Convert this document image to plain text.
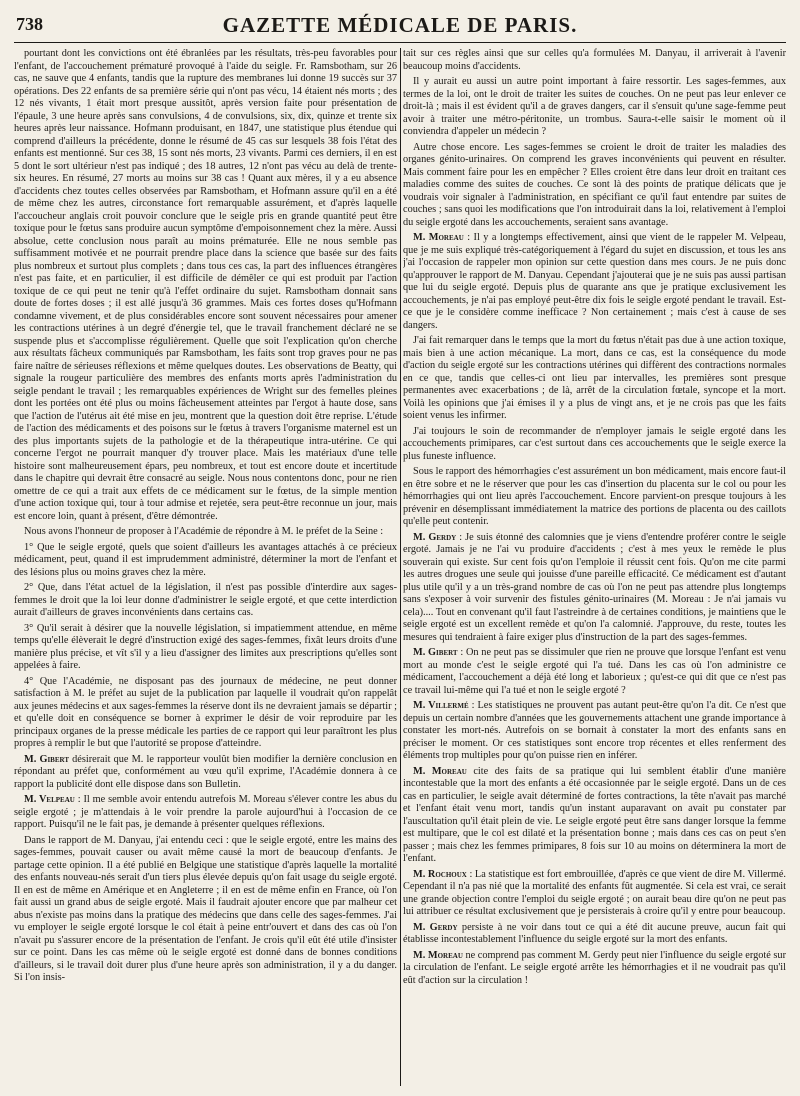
738	GAZETTE MÉDICALE DE PARIS.

pourtant dont les convictions ont été ébranlées par les résultats, très-peu favorables pour l'enfant, de l'accouchement prématuré provoqué à l'aide du seigle. Fr. Ramsbotham, sur 26 cas, ne sauve que 4 enfants, tandis que la rupture des membranes lui donne 19 succès sur 37 opérations. Des 22 enfants de sa première série qui n'ont pas vécu, 14 étaient nés morts ; des 12 nés vivants, 1 était mort presque aussitôt, après version faite pour présentation de l'épaule, 3 une heure après sans convulsions, 4 de convulsions, six, dix, quinze et trente six heures après leur naissance. Hofmann produisant, en 1847, une statistique plus étendue qui comprend d'ailleurs la précédente, donne le résumé de 45 cas sur lesquels 38 fois l'état des enfants est mentionné. Sur ces 38, 15 sont nés morts, 23 vivants. Parmi ces derniers, il en est 5 dont le sort ultérieur n'est pas indiqué ; des 18 autres, 12 n'ont pas vécu au delà de trente-six heures. En résumé, 27 morts au moins sur 38 cas ! Quant aux mères, il y a eu absence d'accidents chez toutes celles observées par Ramsbotham, et Hofmann assure qu'il en a été de même chez les autres, circonstance fort remarquable assurément, et d'après laquelle l'accoucheur anglais croit pouvoir conclure que le seigle pris en grande quantité peut être toxique pour le fœtus sans produire aucun symptôme d'empoisonnement chez la mère. Aussi absolue, cette conclusion nous paraît au moins prématurée. Elle ne nous semble pas suffisamment motivée et ne pourrait prendre place dans la science que basée sur des faits plus nombreux et surtout plus complets ; dans tous ces cas, la part des influences étrangères n'est pas faite, et en particulier, il est difficile de démêler ce qui est produit par l'action toxique de ce qui peut ne tenir qu'à l'effet ordinaire du sujet. Ramsbotham donnait sans doute de fortes doses ; il est allé jusqu'à 36 grammes. Mais ces fortes doses qu'Hofmann condamne vivement, et de plus considérables encore sont souvent nécessaires pour amener les contractions utérines à un degré d'énergie tel, que le travail franchement déclaré ne se suspende plus et s'accomplisse régulièrement. Quelle que soit l'explication qu'on cherche aux résultats fâcheux communiqués par Ramsbotham, les faits sont trop graves pour ne pas faire naître de sérieuses réflexions et même quelques doutes. Les observations de Beatty, qui signale la rougeur particulière des membres des enfants morts après l'administration du seigle pendant le travail ; les remarquables expériences de Wright sur des femelles pleines dont les portées ont été plus ou moins fâcheusement atteintes par l'ergot à haute dose, sans que l'action de l'utérus ait été mise en jeu, montrent que la question doit être reprise. L'étude de l'action des médicaments et des poisons sur le fœtus à travers l'organisme maternel est un des plus importants sujets de la pathologie et de la thérapeutique intra-utérine. Ce qui concerne l'ergot ne pourrait manquer d'y trouver place. Mais les matériaux d'une telle histoire sont malheureusement épars, peu nombreux, et tout est encore doute et incertitude dans le chapitre qui devrait être consacré au seigle. Nous nous contentons donc, pour ne rien omettre de ce qui a trait aux effets de ce médicament sur le fœtus, de la simple mention d'une action toxique qui, tour à tour admise et rejetée, sera peut-être reconnue un jour, mais est encore loin, quant à présent, d'être démontrée.

Nous avons l'honneur de proposer à l'Académie de répondre à M. le préfet de la Seine :

1° Que le seigle ergoté, quels que soient d'ailleurs les avantages attachés à ce précieux médicament, peut, quand il est imprudemment administré, déterminer la mort de l'enfant et des lésions plus ou moins graves chez la mère.

2° Que, dans l'état actuel de la législation, il n'est pas possible d'interdire aux sages-femmes le droit que la loi leur donne d'administrer le seigle ergoté, et que cette interdiction aurait d'ailleurs de graves inconvénients dans certains cas.

3° Qu'il serait à désirer que la nouvelle législation, si impatiemment attendue, en même temps qu'elle élèverait le degré d'instruction exigé des sages-femmes, fixât leurs droits d'une manière plus précise, et vît s'il y a lieu d'assigner des limites aux prescriptions qu'elles sont appelées à faire.

4° Que l'Académie, ne disposant pas des journaux de médecine, ne peut donner satisfaction à M. le préfet au sujet de la publication par laquelle il voudrait qu'on rappelât aux jeunes médecins et aux sages-femmes la réserve dont ils ne devraient jamais se départir ; et qu'elle doit en conséquence se borner à exprimer le désir de voir reproduire par les principaux organes de la presse médicale les parties de ce rapport qui leur paraîtront les plus propres à remplir le but que l'autorité se propose d'atteindre.

M. Gibert désirerait que M. le rapporteur voulût bien modifier la dernière conclusion en répondant au préfet que, conformément au vœu qu'il exprime, l'Académie donnera à ce rapport la publicité dont elle dispose dans son Bulletin.

M. Velpeau : Il me semble avoir entendu autrefois M. Moreau s'élever contre les abus du seigle ergoté ; je m'attendais à le voir prendre la parole aujourd'hui à l'occasion de ce rapport. Puisqu'il ne le fait pas, je demande à présenter quelques réflexions.

Dans le rapport de M. Danyau, j'ai entendu ceci : que le seigle ergoté, entre les mains des sages-femmes, pouvait causer ou avait même causé la mort de beaucoup d'enfants. Je partage cette opinion. Il a été publié en Belgique une statistique d'après laquelle la mortalité des enfants nouveau-nés serait d'un tiers plus élevée depuis qu'on fait usage du seigle ergoté. Il en est de même en Amérique et en Angleterre ; il en est de même enfin en France, où l'on fait aussi un grand abus de seigle ergoté. Mais il faudrait ajouter encore que par malheur cet abus n'existe pas moins dans la pratique des médecins que dans celle des sages-femmes. J'ai vu employer le seigle ergoté lorsque le col était à peine entr'ouvert et dans des cas où l'on n'avait pu s'assurer encore de la présentation de l'enfant. Je crois qu'il eût été utile d'insister sur ce point. Dans les cas même où le seigle ergoté est donné dans de bonnes conditions d'ailleurs, si le travail doit durer plus d'une heure après son administration, il y a du danger. Si l'on insis-

tait sur ces règles ainsi que sur celles qu'a formulées M. Danyau, il arriverait à l'avenir beaucoup moins d'accidents.

Il y aurait eu aussi un autre point important à faire ressortir. Les sages-femmes, aux termes de la loi, ont le droit de traiter les suites de couches. On ne peut pas leur enlever ce droit-là ; mais il est évident qu'il a de graves dangers, car il s'ensuit qu'une sage-femme peut avoir à traiter une métro-péritonite, un trombus. Saura-t-elle saisir le moment où il conviendra d'appeler un médecin ?

Autre chose encore. Les sages-femmes se croient le droit de traiter les maladies des organes génito-urinaires. On comprend les graves inconvénients qui peuvent en résulter. Mais comment faire pour les en empêcher ? Elles croient être dans leur droit en traitant ces maladies comme des suites de couches. Ce sont là des points de pratique délicats que je voudrais voir signaler à l'administration, en spécifiant ce qu'il faut entendre par suites de couches ; sans quoi les modifications que l'on introduirait dans la loi, relativement à l'emploi du seigle ergoté dans les accouchements, seraient sans avantage.

M. Moreau : Il y a longtemps effectivement, ainsi que vient de le rappeler M. Velpeau, que je me suis expliqué très-catégoriquement à l'égard du sujet en discussion, et tous les ans j'ai l'occasion de rappeler mon opinion sur cette question dans mes cours. Je ne puis donc qu'approuver le rapport de M. Danyau. Cependant j'ajouterai que je ne suis pas aussi partisan que lui du seigle ergoté. Depuis plus de quarante ans que je pratique exclusivement les accouchements, je n'ai pas employé peut-être dix fois le seigle ergoté pendant le travail. Est-ce que je le considère comme inefficace ? Non certainement ; mais c'est à cause de ses dangers.

J'ai fait remarquer dans le temps que la mort du fœtus n'était pas due à une action toxique, mais bien à une action mécanique. La mort, dans ce cas, est la conséquence du mode d'action du seigle ergoté sur les contractions utérines qui diffèrent des contractions normales en ce que, tandis que celles-ci ont lieu par intervalles, les premières sont presque permanentes avec exacerbations ; de là, arrêt de la circulation fœtale, syncope et la mort. Voilà les opinions que j'ai émises il y a plus de vingt ans, et je ne crois pas que les faits soient venus les infirmer.

J'ai toujours le soin de recommander de n'employer jamais le seigle ergoté dans les accouchements primipares, car c'est surtout dans ces accouchements que le seigle exerce la plus funeste influence.

Sous le rapport des hémorrhagies c'est assurément un bon médicament, mais encore faut-il en être sobre et ne le réserver que pour les cas d'insertion du placenta sur le col ou pour les hémorrhagies qui ont lieu après l'accouchement. Encore parvient-on presque toujours à les prévenir en désemplissant immédiatement la matrice des portions de placenta ou des caillots qu'elle peut contenir.

M. Gerdy : Je suis étonné des calomnies que je viens d'entendre proférer contre le seigle ergoté. Jamais je ne l'ai vu produire d'accidents ; c'est à mes yeux le remède le plus souverain qui existe. Sur cent fois qu'on l'emploie il réussit cent fois. Qu'on me cite parmi les autres drogues une seule qui jouisse d'une pareille efficacité. Ce médicament est d'autant plus utile qu'il y a un très-grand nombre de cas où l'on ne peut pas attendre plus longtemps sans s'exposer à voir survenir des fistules génito-urinaires (M. Moreau : Je n'ai jamais vu cela).... Tout en convenant qu'il faut l'astreindre à de certaines conditions, je maintiens que le seigle ergoté est un excellent remède et qu'on l'a calomnié. J'approuve, du reste, toutes les mesures qui tendraient à faire exiger plus d'instruction de la part des sages-femmes.

M. Gibert : On ne peut pas se dissimuler que rien ne prouve que lorsque l'enfant est venu mort au monde c'est le seigle ergoté qui l'a tué. Dans les cas où l'on administre ce médicament, l'accouchement a déjà été long et laborieux ; qu'est-ce qui dit que ce n'est pas ce travail lui-même qui l'a tué et non le seigle ergoté ?

M. Villermé : Les statistiques ne prouvent pas autant peut-être qu'on l'a dit. Ce n'est que depuis un certain nombre d'années que les gouvernements attachent une grande importance à constater les mort-nés. Autrefois on se bornait à constater la mort des enfants sans en préciser le moment. Or ces statistiques sont encore trop récentes et elles renferment des éléments trop multiples pour qu'on puisse rien en inférer.

M. Moreau cite des faits de sa pratique qui lui semblent établir d'une manière incontestable que la mort des enfants a été occasionnée par le seigle ergoté. Dans un de ces cas en particulier, le seigle avait déterminé de fortes contractions, la tête n'avait pas marché et l'enfant était venu mort, tandis qu'un instant auparavant on avait pu constater par l'auscultation qu'il était plein de vie. Le seigle ergoté peut être sans danger lorsque la femme est multipare, que le col est dilaté et la présentation bonne ; mais dans ces cas on peut s'en passer ; mais chez les femmes primipares, 8 fois sur 10 au moins on déterminera la mort de l'enfant.

M. Rochoux : La statistique est fort embrouillée, d'après ce que vient de dire M. Villermé. Cependant il n'a pas nié que la mortalité des enfants fût augmentée. Si cela est vrai, ce serait une grande objection contre l'emploi du seigle ergoté ; on aurait beau dire qu'on ne peut pas lui attribuer ce résultat exclusivement que je persisterais à croire qu'il y entre pour beaucoup.

M. Gerdy persiste à ne voir dans tout ce qui a été dit aucune preuve, aucun fait qui établisse incontestablement l'influence du seigle ergoté sur la mort des enfants.

M. Moreau ne comprend pas comment M. Gerdy peut nier l'influence du seigle ergoté sur la circulation de l'enfant. Le seigle ergoté arrête les hémorrhagies et il ne voudrait pas qu'il eût d'action sur la circulation !
